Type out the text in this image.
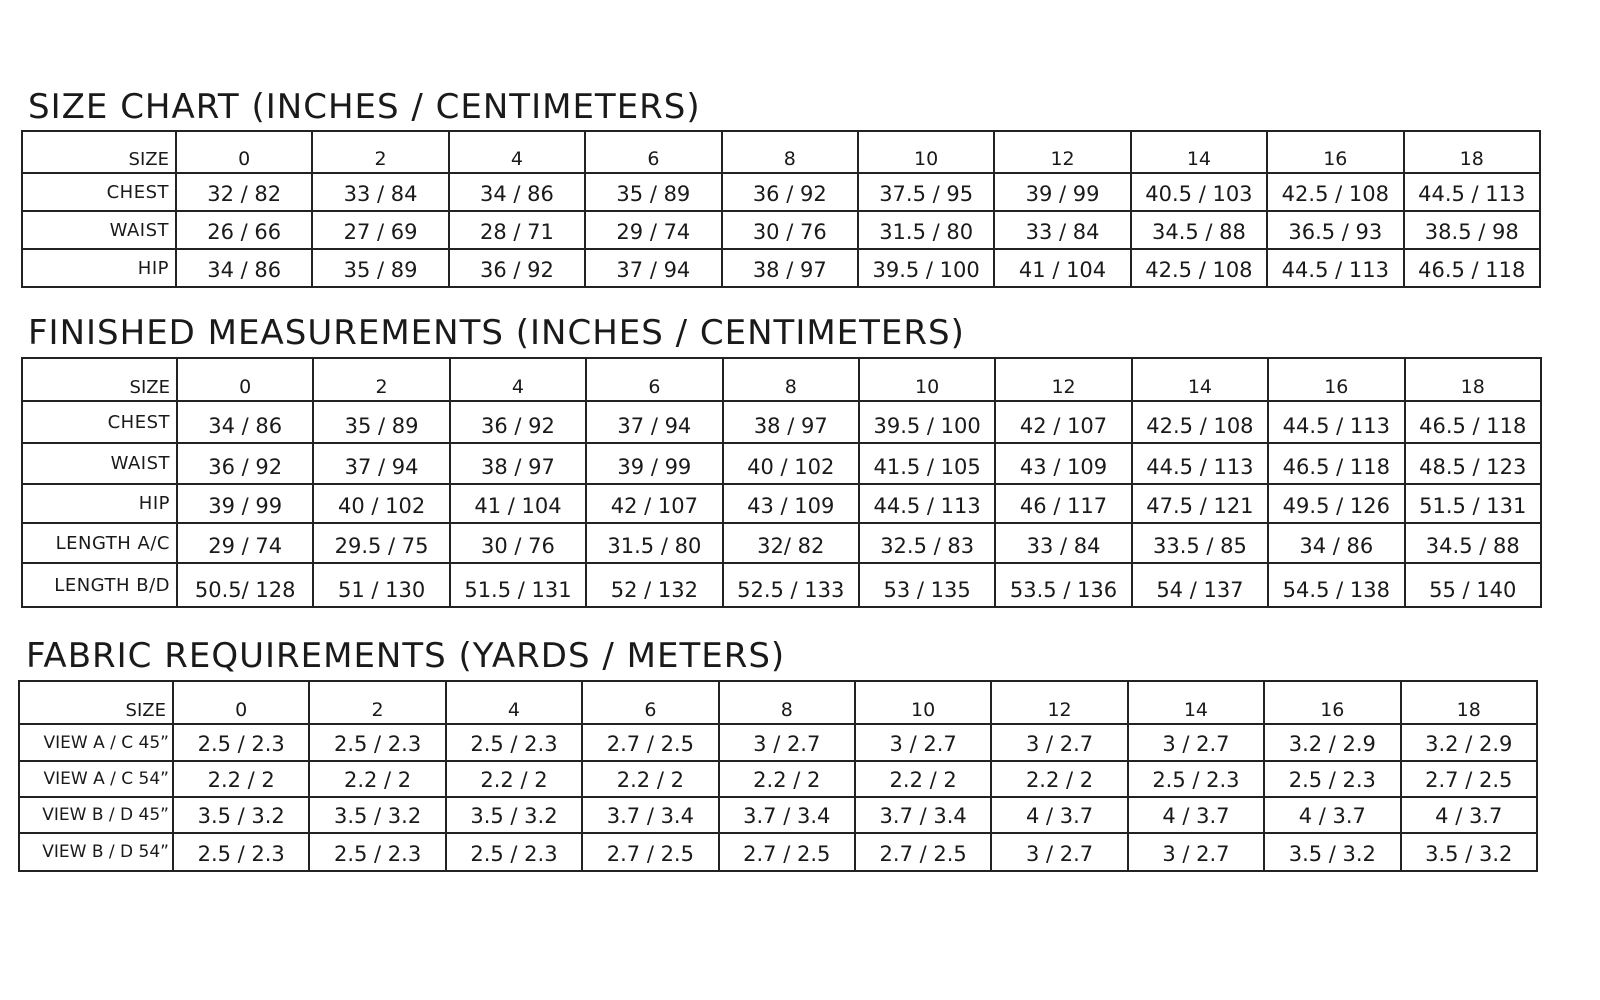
SIZE CHART (INCHES / CENTIMETERS)
SIZE	0	2	4	6	8	10	12	14	16	18
CHEST	32 / 82	33 / 84	34 / 86	35 / 89	36 / 92	37.5 / 95	39 / 99	40.5 / 103	42.5 / 108	44.5 / 113
WAIST	26 / 66	27 / 69	28 / 71	29 / 74	30 / 76	31.5 / 80	33 / 84	34.5 / 88	36.5 / 93	38.5 / 98
HIP	34 / 86	35 / 89	36 / 92	37 / 94	38 / 97	39.5 / 100	41 / 104	42.5 / 108	44.5 / 113	46.5 / 118
FINISHED MEASUREMENTS (INCHES / CENTIMETERS)
SIZE	0	2	4	6	8	10	12	14	16	18
CHEST	34 / 86	35 / 89	36 / 92	37 / 94	38 / 97	39.5 / 100	42 / 107	42.5 / 108	44.5 / 113	46.5 / 118
WAIST	36 / 92	37 / 94	38 / 97	39 / 99	40 / 102	41.5 / 105	43 / 109	44.5 / 113	46.5 / 118	48.5 / 123
HIP	39 / 99	40 / 102	41 / 104	42 / 107	43 / 109	44.5 / 113	46 / 117	47.5 / 121	49.5 / 126	51.5 / 131
LENGTH A/C	29 / 74	29.5 / 75	30 / 76	31.5 / 80	32/ 82	32.5 / 83	33 / 84	33.5 / 85	34 / 86	34.5 / 88
LENGTH B/D	50.5/ 128	51 / 130	51.5 / 131	52 / 132	52.5 / 133	53 / 135	53.5 / 136	54 / 137	54.5 / 138	55 / 140
FABRIC REQUIREMENTS (YARDS / METERS)
SIZE	0	2	4	6	8	10	12	14	16	18
VIEW A / C 45”	2.5 / 2.3	2.5 / 2.3	2.5 / 2.3	2.7 / 2.5	3 / 2.7	3 / 2.7	3 / 2.7	3 / 2.7	3.2 / 2.9	3.2 / 2.9
VIEW A / C 54”	2.2 / 2	2.2 / 2	2.2 / 2	2.2 / 2	2.2 / 2	2.2 / 2	2.2 / 2	2.5 / 2.3	2.5 / 2.3	2.7 / 2.5
VIEW B / D 45”	3.5 / 3.2	3.5 / 3.2	3.5 / 3.2	3.7 / 3.4	3.7 / 3.4	3.7 / 3.4	4 / 3.7	4 / 3.7	4 / 3.7	4 / 3.7
VIEW B / D 54”	2.5 / 2.3	2.5 / 2.3	2.5 / 2.3	2.7 / 2.5	2.7 / 2.5	2.7 / 2.5	3 / 2.7	3 / 2.7	3.5 / 3.2	3.5 / 3.2
